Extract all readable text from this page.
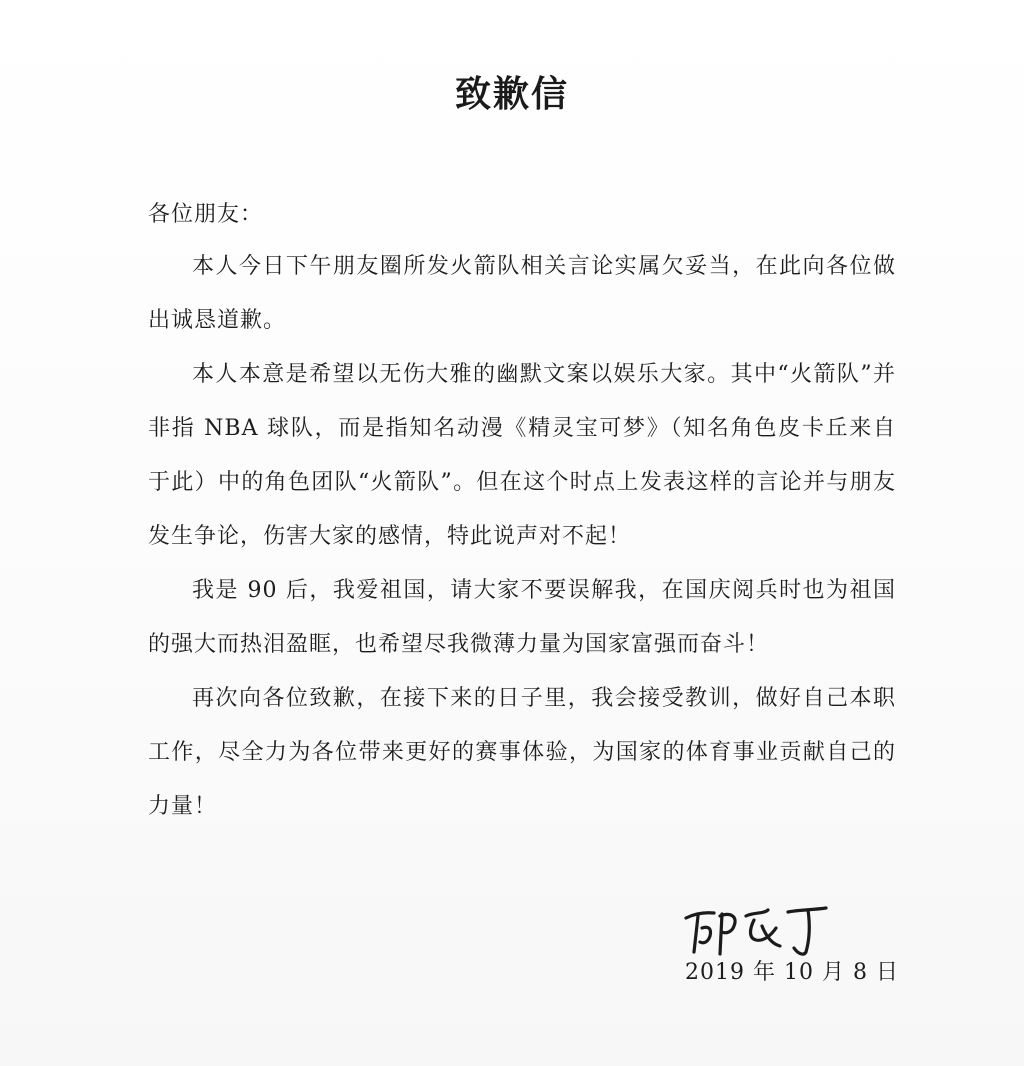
致歉信

各位朋友：

本人今日下午朋友圈所发火箭队相关言论实属欠妥当，在此向各位做出诚恳道歉。

本人本意是希望以无伤大雅的幽默文案以娱乐大家。其中“火箭队”并非指 NBA 球队，而是指知名动漫《精灵宝可梦》（知名角色皮卡丘来自于此）中的角色团队“火箭队”。但在这个时点上发表这样的言论并与朋友发生争论，伤害大家的感情，特此说声对不起！

我是 90 后，我爱祖国，请大家不要误解我，在国庆阅兵时也为祖国的强大而热泪盈眶，也希望尽我微薄力量为国家富强而奋斗！

再次向各位致歉，在接下来的日子里，我会接受教训，做好自己本职工作，尽全力为各位带来更好的赛事体验，为国家的体育事业贡献自己的力量！

2019 年 10 月 8 日
